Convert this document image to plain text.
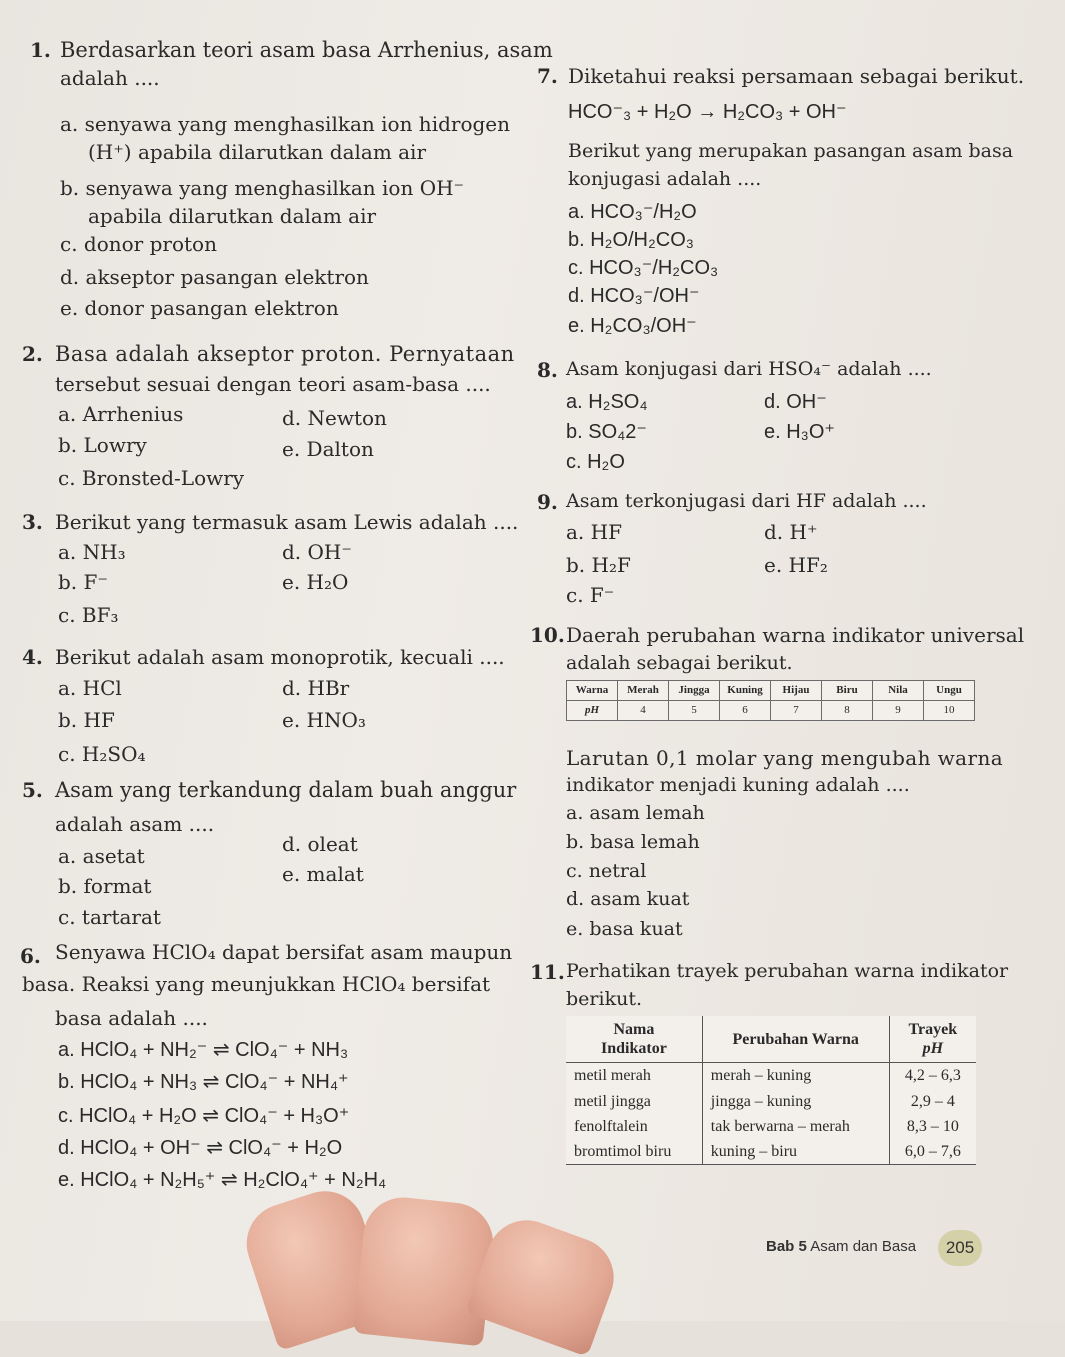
1. Berdasarkan teori asam basa Arrhenius, asam
adalah ....
a. senyawa yang menghasilkan ion hidrogen
(H⁺) apabila dilarutkan dalam air
b. senyawa yang menghasilkan ion OH⁻
apabila dilarutkan dalam air
c. donor proton
d. akseptor pasangan elektron
e. donor pasangan elektron
2. Basa adalah akseptor proton. Pernyataan
tersebut sesuai dengan teori asam-basa ....
a. Arrhenius	d. Newton
b. Lowry	e. Dalton
c. Bronsted-Lowry
3. Berikut yang termasuk asam Lewis adalah ....
a. NH₃	d. OH⁻
b. F⁻	e. H₂O
c. BF₃
4. Berikut adalah asam monoprotik, kecuali ....
a. HCl	d. HBr
b. HF	e. HNO₃
c. H₂SO₄
5. Asam yang terkandung dalam buah anggur
adalah asam ....
a. asetat	d. oleat
b. format	e. malat
c. tartarat
6. Senyawa HClO₄ dapat bersifat asam maupun
basa. Reaksi yang meunjukkan HClO₄ bersifat
basa adalah ....
a. HClO₄ + NH₂⁻ ⇌ ClO₄⁻ + NH₃
b. HClO₄ + NH₃ ⇌ ClO₄⁻ + NH₄⁺
c. HClO₄ + H₂O ⇌ ClO₄⁻ + H₃O⁺
d. HClO₄ + OH⁻ ⇌ ClO₄⁻ + H₂O
e. HClO₄ + N₂H₅⁺ ⇌ H₂ClO₄⁺ + N₂H₄
7. Diketahui reaksi persamaan sebagai berikut.
HCO⁻₃ + H₂O → H₂CO₃ + OH⁻
Berikut yang merupakan pasangan asam basa
konjugasi adalah ....
a. HCO₃⁻/H₂O
b. H₂O/H₂CO₃
c. HCO₃⁻/H₂CO₃
d. HCO₃⁻/OH⁻
e. H₂CO₃/OH⁻
8. Asam konjugasi dari HSO₄⁻ adalah ....
a. H₂SO₄	d. OH⁻
b. SO₄2⁻	e. H₃O⁺
c. H₂O
9. Asam terkonjugasi dari HF adalah ....
a. HF	d. H⁺
b. H₂F	e. HF₂
c. F⁻
10. Daerah perubahan warna indikator universal
adalah sebagai berikut.
Warna	Merah	Jingga	Kuning	Hijau	Biru	Nila	Ungu
pH	4	5	6	7	8	9	10
Larutan 0,1 molar yang mengubah warna
indikator menjadi kuning adalah ....
a. asam lemah
b. basa lemah
c. netral
d. asam kuat
e. basa kuat
11. Perhatikan trayek perubahan warna indikator
berikut.
Nama
Indikator	Perubahan Warna	Trayek
pH
metil merah	merah – kuning	4,2 – 6,3
metil jingga	jingga – kuning	2,9 – 4
fenolftalein	tak berwarna – merah	8,3 – 10
bromtimol biru	kuning – biru	6,0 – 7,6
Bab 5 Asam dan Basa	205
